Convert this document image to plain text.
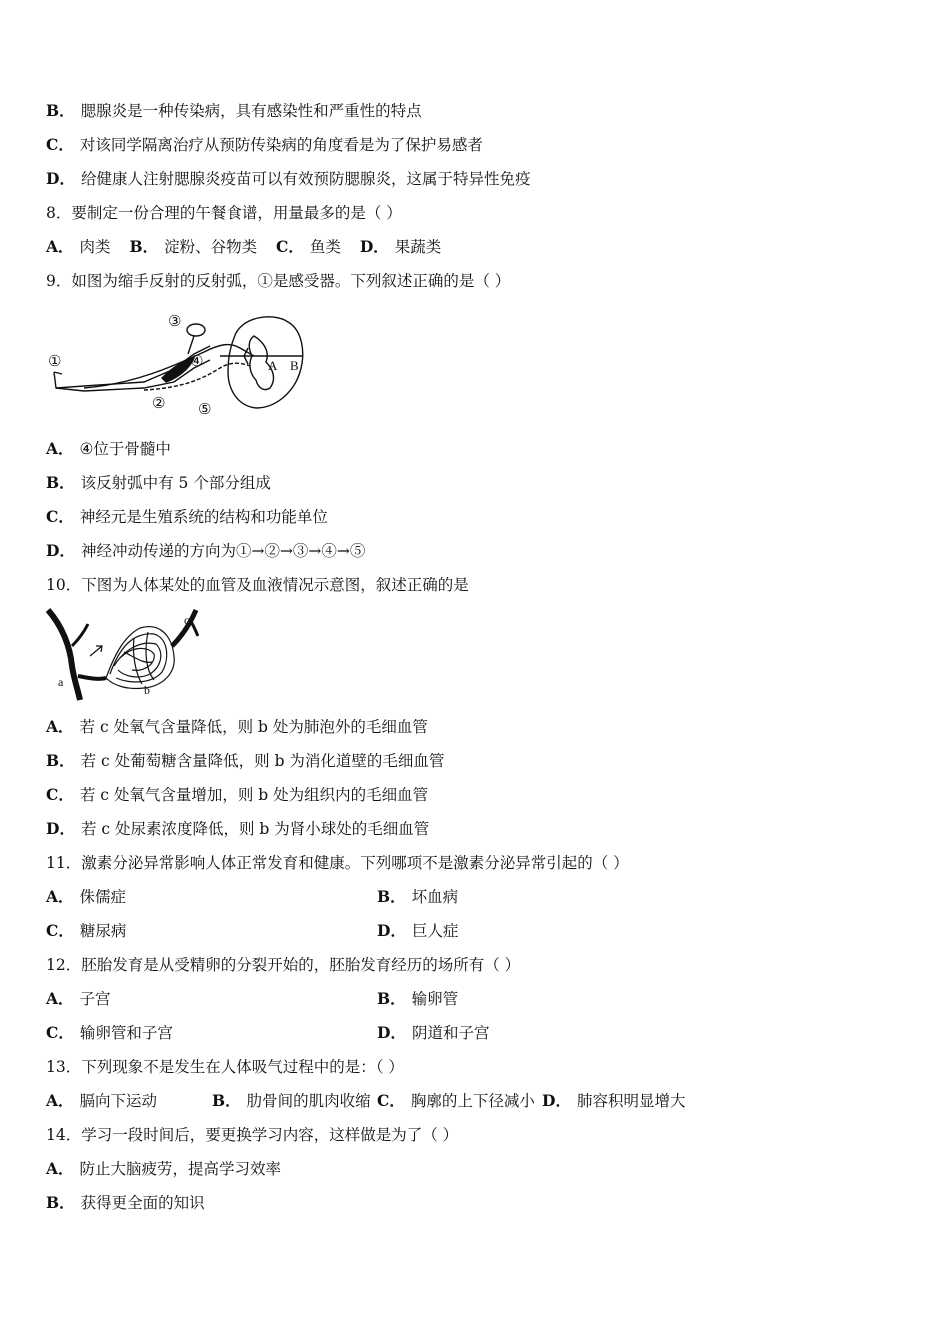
B． 腮腺炎是一种传染病，具有感染性和严重性的特点
C． 对该同学隔离治疗从预防传染病的角度看是为了保护易感者
D． 给健康人注射腮腺炎疫苗可以有效预防腮腺炎，这属于特异性免疫
8．要制定一份合理的午餐食谱，用量最多的是（ ）
A． 肉类 B． 淀粉、谷物类 C． 鱼类 D． 果蔬类
9．如图为缩手反射的反射弧，①是感受器。下列叙述正确的是（ ）
①
②
③
④
⑤
A B
A． ④位于骨髓中
B． 该反射弧中有 5 个部分组成
C． 神经元是生殖系统的结构和功能单位
D． 神经冲动传递的方向为①→②→③→④→⑤
10．下图为人体某处的血管及血液情况示意图，叙述正确的是
a
b
c
A． 若 c 处氧气含量降低，则 b 处为肺泡外的毛细血管
B． 若 c 处葡萄糖含量降低，则 b 为消化道壁的毛细血管
C． 若 c 处氧气含量增加，则 b 处为组织内的毛细血管
D． 若 c 处尿素浓度降低，则 b 为肾小球处的毛细血管
11．激素分泌异常影响人体正常发育和健康。下列哪项不是激素分泌异常引起的（ ）
A． 侏儒症	B． 坏血病
C． 糖尿病	D． 巨人症
12．胚胎发育是从受精卵的分裂开始的，胚胎发育经历的场所有（ ）
A． 子宫	B． 输卵管
C． 输卵管和子宫	D． 阴道和子宫
13．下列现象不是发生在人体吸气过程中的是：（ ）
A． 膈向下运动	B． 肋骨间的肌肉收缩 C． 胸廓的上下径减小 D． 肺容积明显增大
14．学习一段时间后，要更换学习内容，这样做是为了（ ）
A． 防止大脑疲劳，提高学习效率
B． 获得更全面的知识
